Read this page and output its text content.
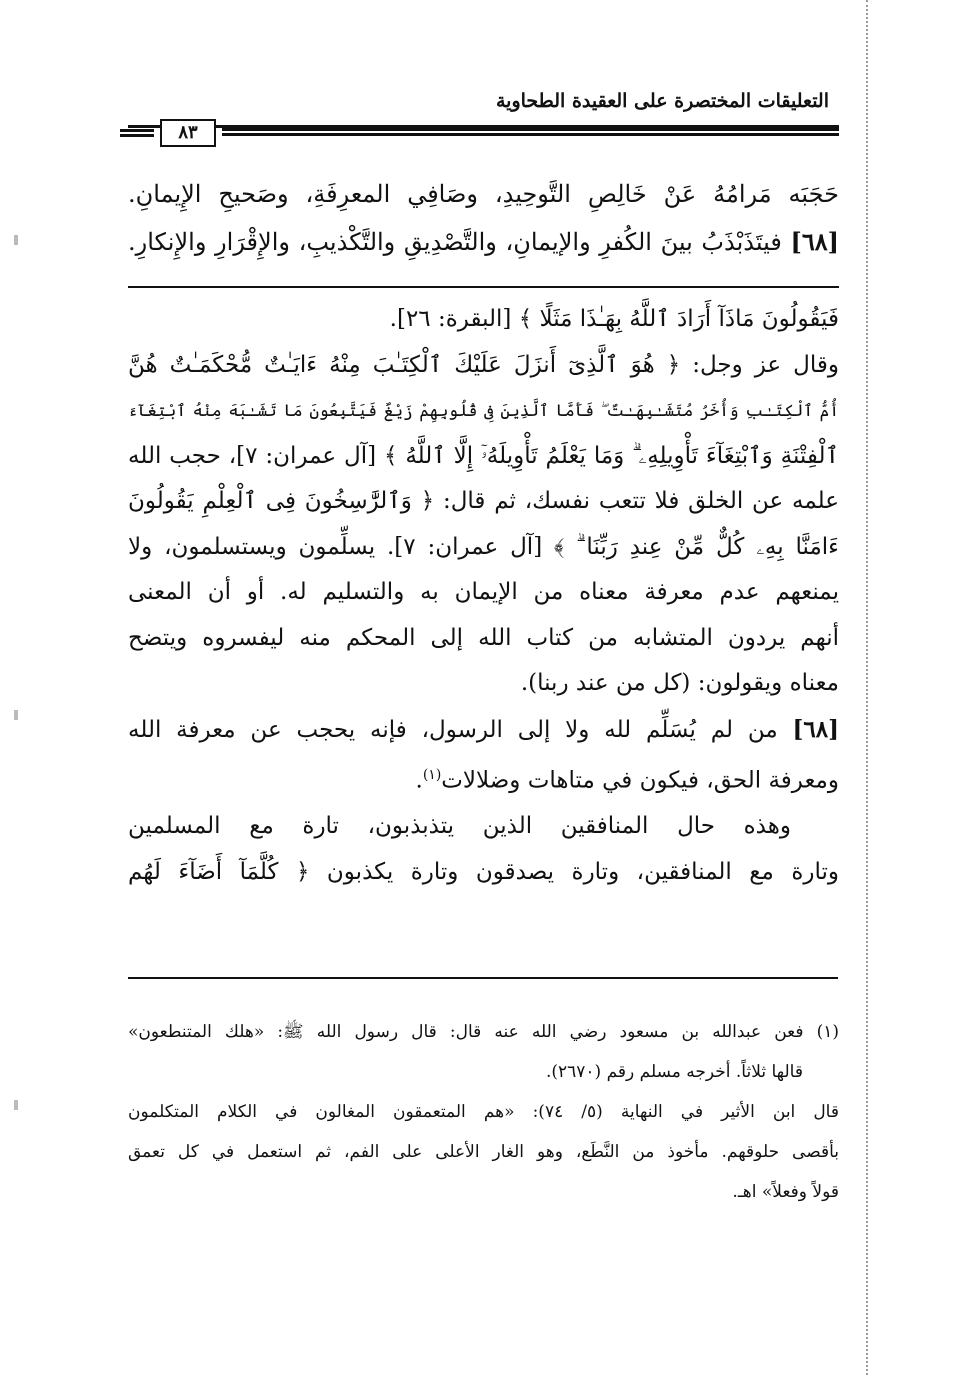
التعليقات المختصرة على العقيدة الطحاوية
٨٣
حَجَبَه مَرامُهُ عَنْ خَالِصِ التَّوحِيدِ، وصَافِي المعرِفَةِ، وصَحيحِ الإِيمانِ.
[٦٨] فيتَذَبْذَبُ بينَ الكُفرِ والإيمانِ، والتَّصْدِيقِ والتَّكْذيبِ، والإِقْرَارِ والإِنكارِ.
فَيَقُولُونَ مَاذَآ أَرَادَ ٱللَّهُ بِهَـٰذَا مَثَلًا ﴾ [البقرة: ٢٦].
وقال عز وجل: ﴿ هُوَ ٱلَّذِىٓ أَنزَلَ عَلَيْكَ ٱلْكِتَـٰبَ مِنْهُ ءَايَـٰتٌ مُّحْكَمَـٰتٌ هُنَّ
أُمُّ ٱلْكِتَـٰبِ وَأُخَرُ مُتَشَـٰبِهَـٰتٌ ۖ فَأَمَّا ٱلَّذِينَ فِى قُلُوبِهِمْ زَيْغٌ فَيَتَّبِعُونَ مَا تَشَـٰبَهَ مِنْهُ ٱبْتِغَآءَ
ٱلْفِتْنَةِ وَٱبْتِغَآءَ تَأْوِيلِهِۦ ۗ وَمَا يَعْلَمُ تَأْوِيلَهُۥٓ إِلَّا ٱللَّهُ ﴾ [آل عمران: ٧]، حجب الله
علمه عن الخلق فلا تتعب نفسك، ثم قال: ﴿ وَٱلرَّٰسِخُونَ فِى ٱلْعِلْمِ يَقُولُونَ
ءَامَنَّا بِهِۦ كُلٌّ مِّنْ عِندِ رَبِّنَا ۗ ﴾ [آل عمران: ٧]. يسلِّمون ويستسلمون، ولا
يمنعهم عدم معرفة معناه من الإيمان به والتسليم له. أو أن المعنى
أنهم يردون المتشابه من كتاب الله إلى المحكم منه ليفسروه ويتضح
معناه ويقولون: (كل من عند ربنا).
[٦٨] من لم يُسَلِّم لله ولا إلى الرسول، فإنه يحجب عن معرفة الله
ومعرفة الحق، فيكون في متاهات وضلالات$^{(١)}$.
وهذه حال المنافقين الذين يتذبذبون، تارة مع المسلمين
وتارة مع المنافقين، وتارة يصدقون وتارة يكذبون ﴿ كُلَّمَآ أَضَآءَ لَهُم
(١) فعن عبدالله بن مسعود رضي الله عنه قال: قال رسول الله ﷺ: «هلك المتنطعون»
قالها ثلاثاً. أخرجه مسلم رقم (٢٦٧٠).
قال ابن الأثير في النهاية (٥/ ٧٤): «هم المتعمقون المغالون في الكلام المتكلمون
بأقصى حلوقهم. مأخوذ من النَّطَع، وهو الغار الأعلى على الفم، ثم استعمل في كل تعمق
قولاً وفعلاً» اهـ.
